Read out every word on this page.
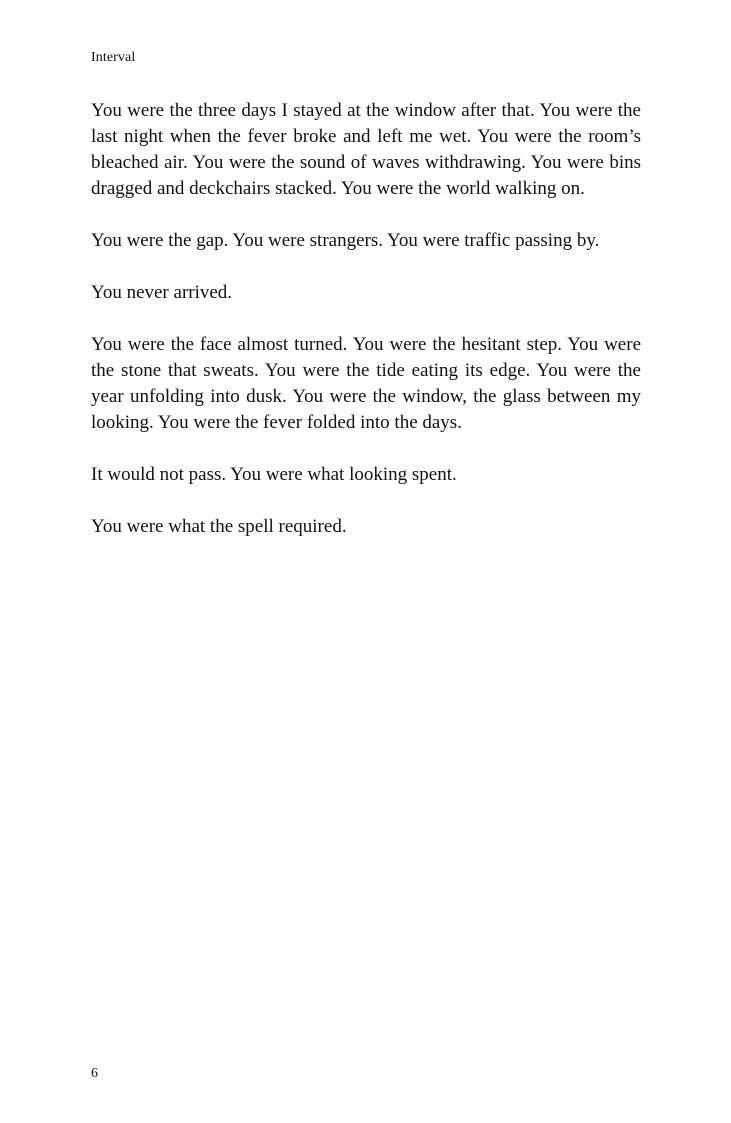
Interval

You were the three days I stayed at the window after that. You were the last night when the fever broke and left me wet. You were the room’s bleached air. You were the sound of waves withdrawing. You were bins dragged and deckchairs stacked. You were the world walking on.

You were the gap. You were strangers. You were traffic passing by.

You never arrived.

You were the face almost turned. You were the hesitant step. You were the stone that sweats. You were the tide eating its edge. You were the year unfolding into dusk. You were the window, the glass between my looking. You were the fever folded into the days.

It would not pass. You were what looking spent.

You were what the spell required.

6
